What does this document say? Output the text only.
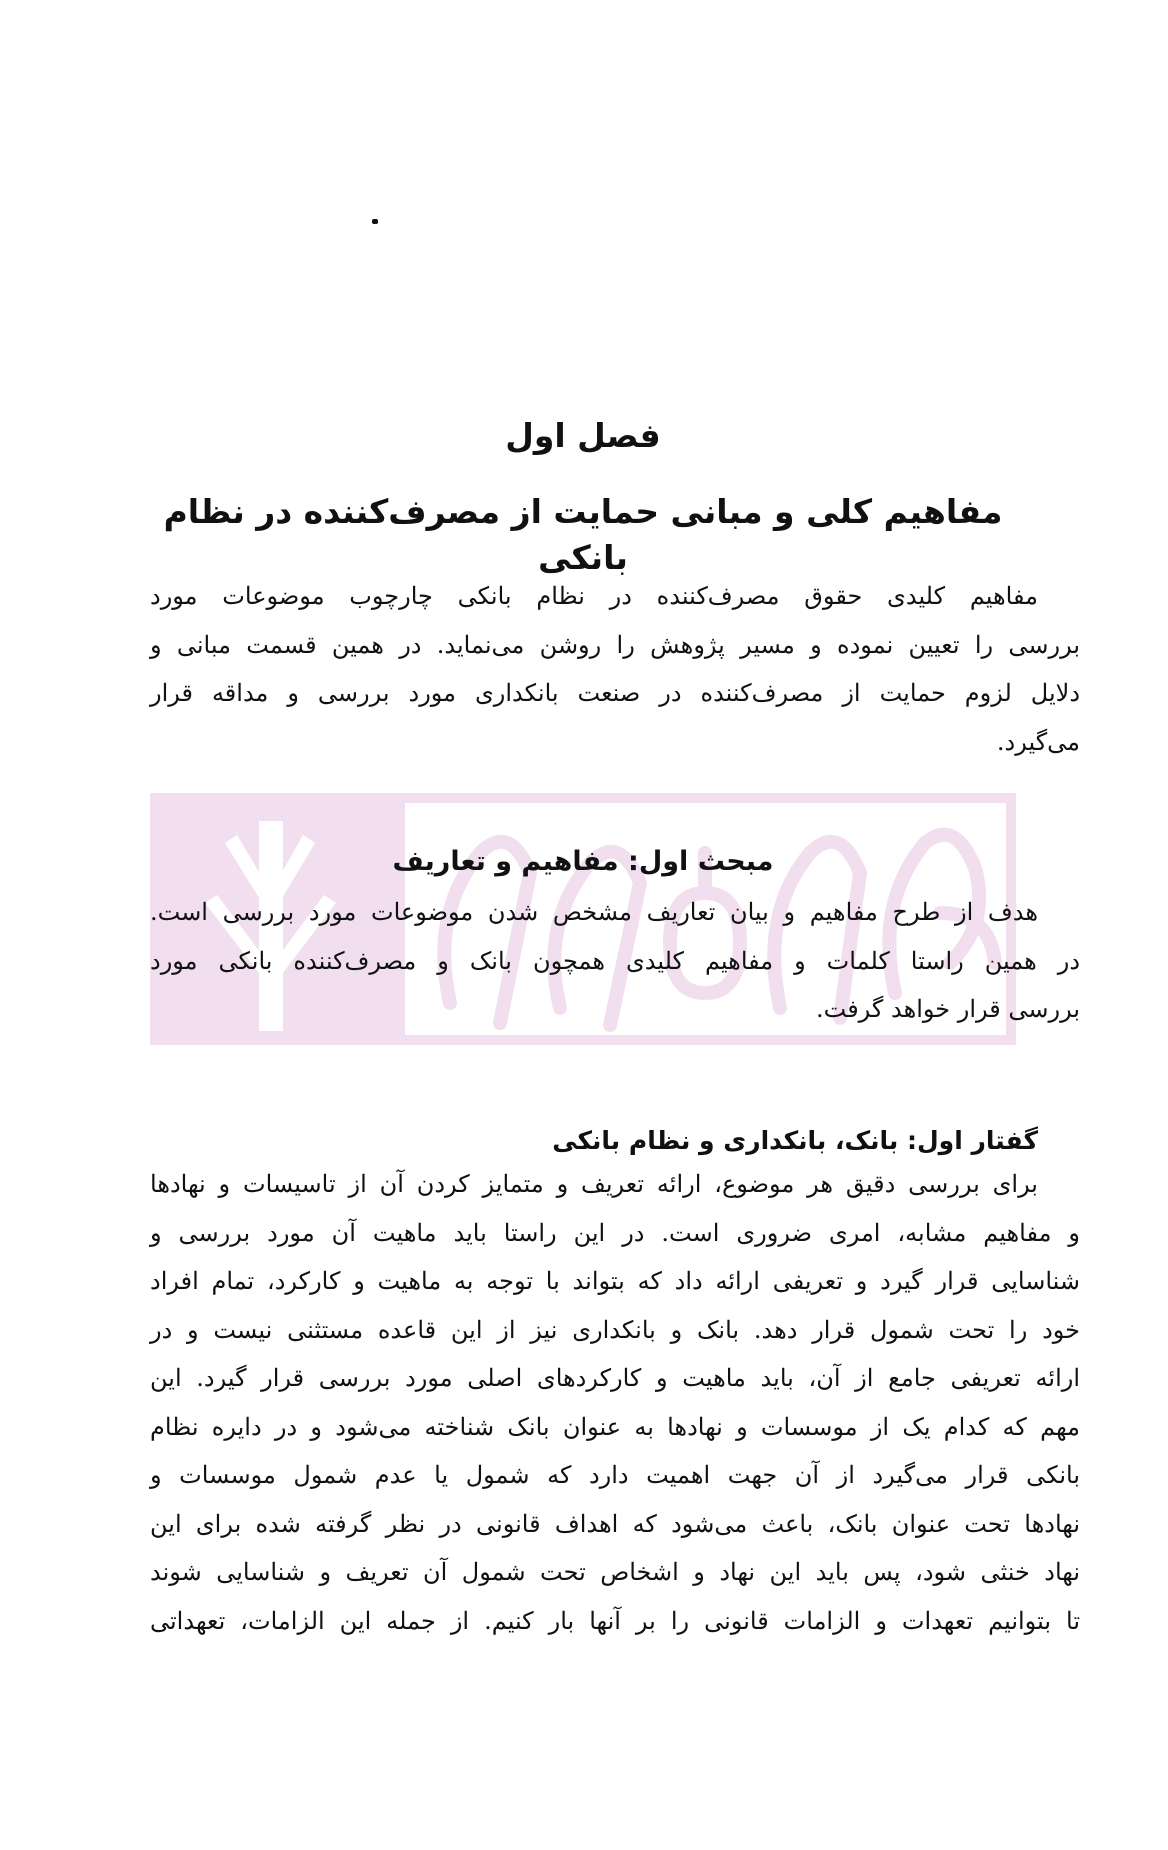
فصل اول
مفاهیم کلی و مبانی حمایت از مصرف‌کننده در نظام بانکی
مفاهیم کلیدی حقوق مصرف‌کننده در نظام بانکی چارچوب موضوعات مورد
بررسی را تعیین نموده و مسیر پژوهش را روشن می‌نماید. در همین قسمت مبانی و
دلایل لزوم حمایت از مصرف‌کننده در صنعت بانکداری مورد بررسی و مداقه قرار
می‌گیرد.
مبحث اول: مفاهیم و تعاریف
هدف از طرح مفاهیم و بیان تعاریف مشخص شدن موضوعات مورد بررسی است.
در همین راستا کلمات و مفاهیم کلیدی همچون بانک و مصرف‌کننده بانکی مورد
بررسی قرار خواهد گرفت.
گفتار اول: بانک، بانکداری و نظام بانکی
برای بررسی دقیق هر موضوع، ارائه تعریف و متمایز کردن آن از تاسیسات و نهادها
و مفاهیم مشابه، امری ضروری است. در این راستا باید ماهیت آن مورد بررسی و
شناسایی قرار گیرد و تعریفی ارائه داد که بتواند با توجه به ماهیت و کارکرد، تمام افراد
خود را تحت شمول قرار دهد. بانک و بانکداری نیز از این قاعده مستثنی نیست و در
ارائه تعریفی جامع از آن، باید ماهیت و کارکردهای اصلی مورد بررسی قرار گیرد. این
مهم که کدام یک از موسسات و نهادها به عنوان بانک شناخته می‌شود و در دایره نظام
بانکی قرار می‌گیرد از آن جهت اهمیت دارد که شمول یا عدم شمول موسسات و
نهادها تحت عنوان بانک، باعث می‌شود که اهداف قانونی در نظر گرفته شده برای این
نهاد خنثی شود، پس باید این نهاد و اشخاص تحت شمول آن تعریف و شناسایی شوند
تا بتوانیم تعهدات و الزامات قانونی را بر آنها بار کنیم. از جمله این الزامات، تعهداتی
